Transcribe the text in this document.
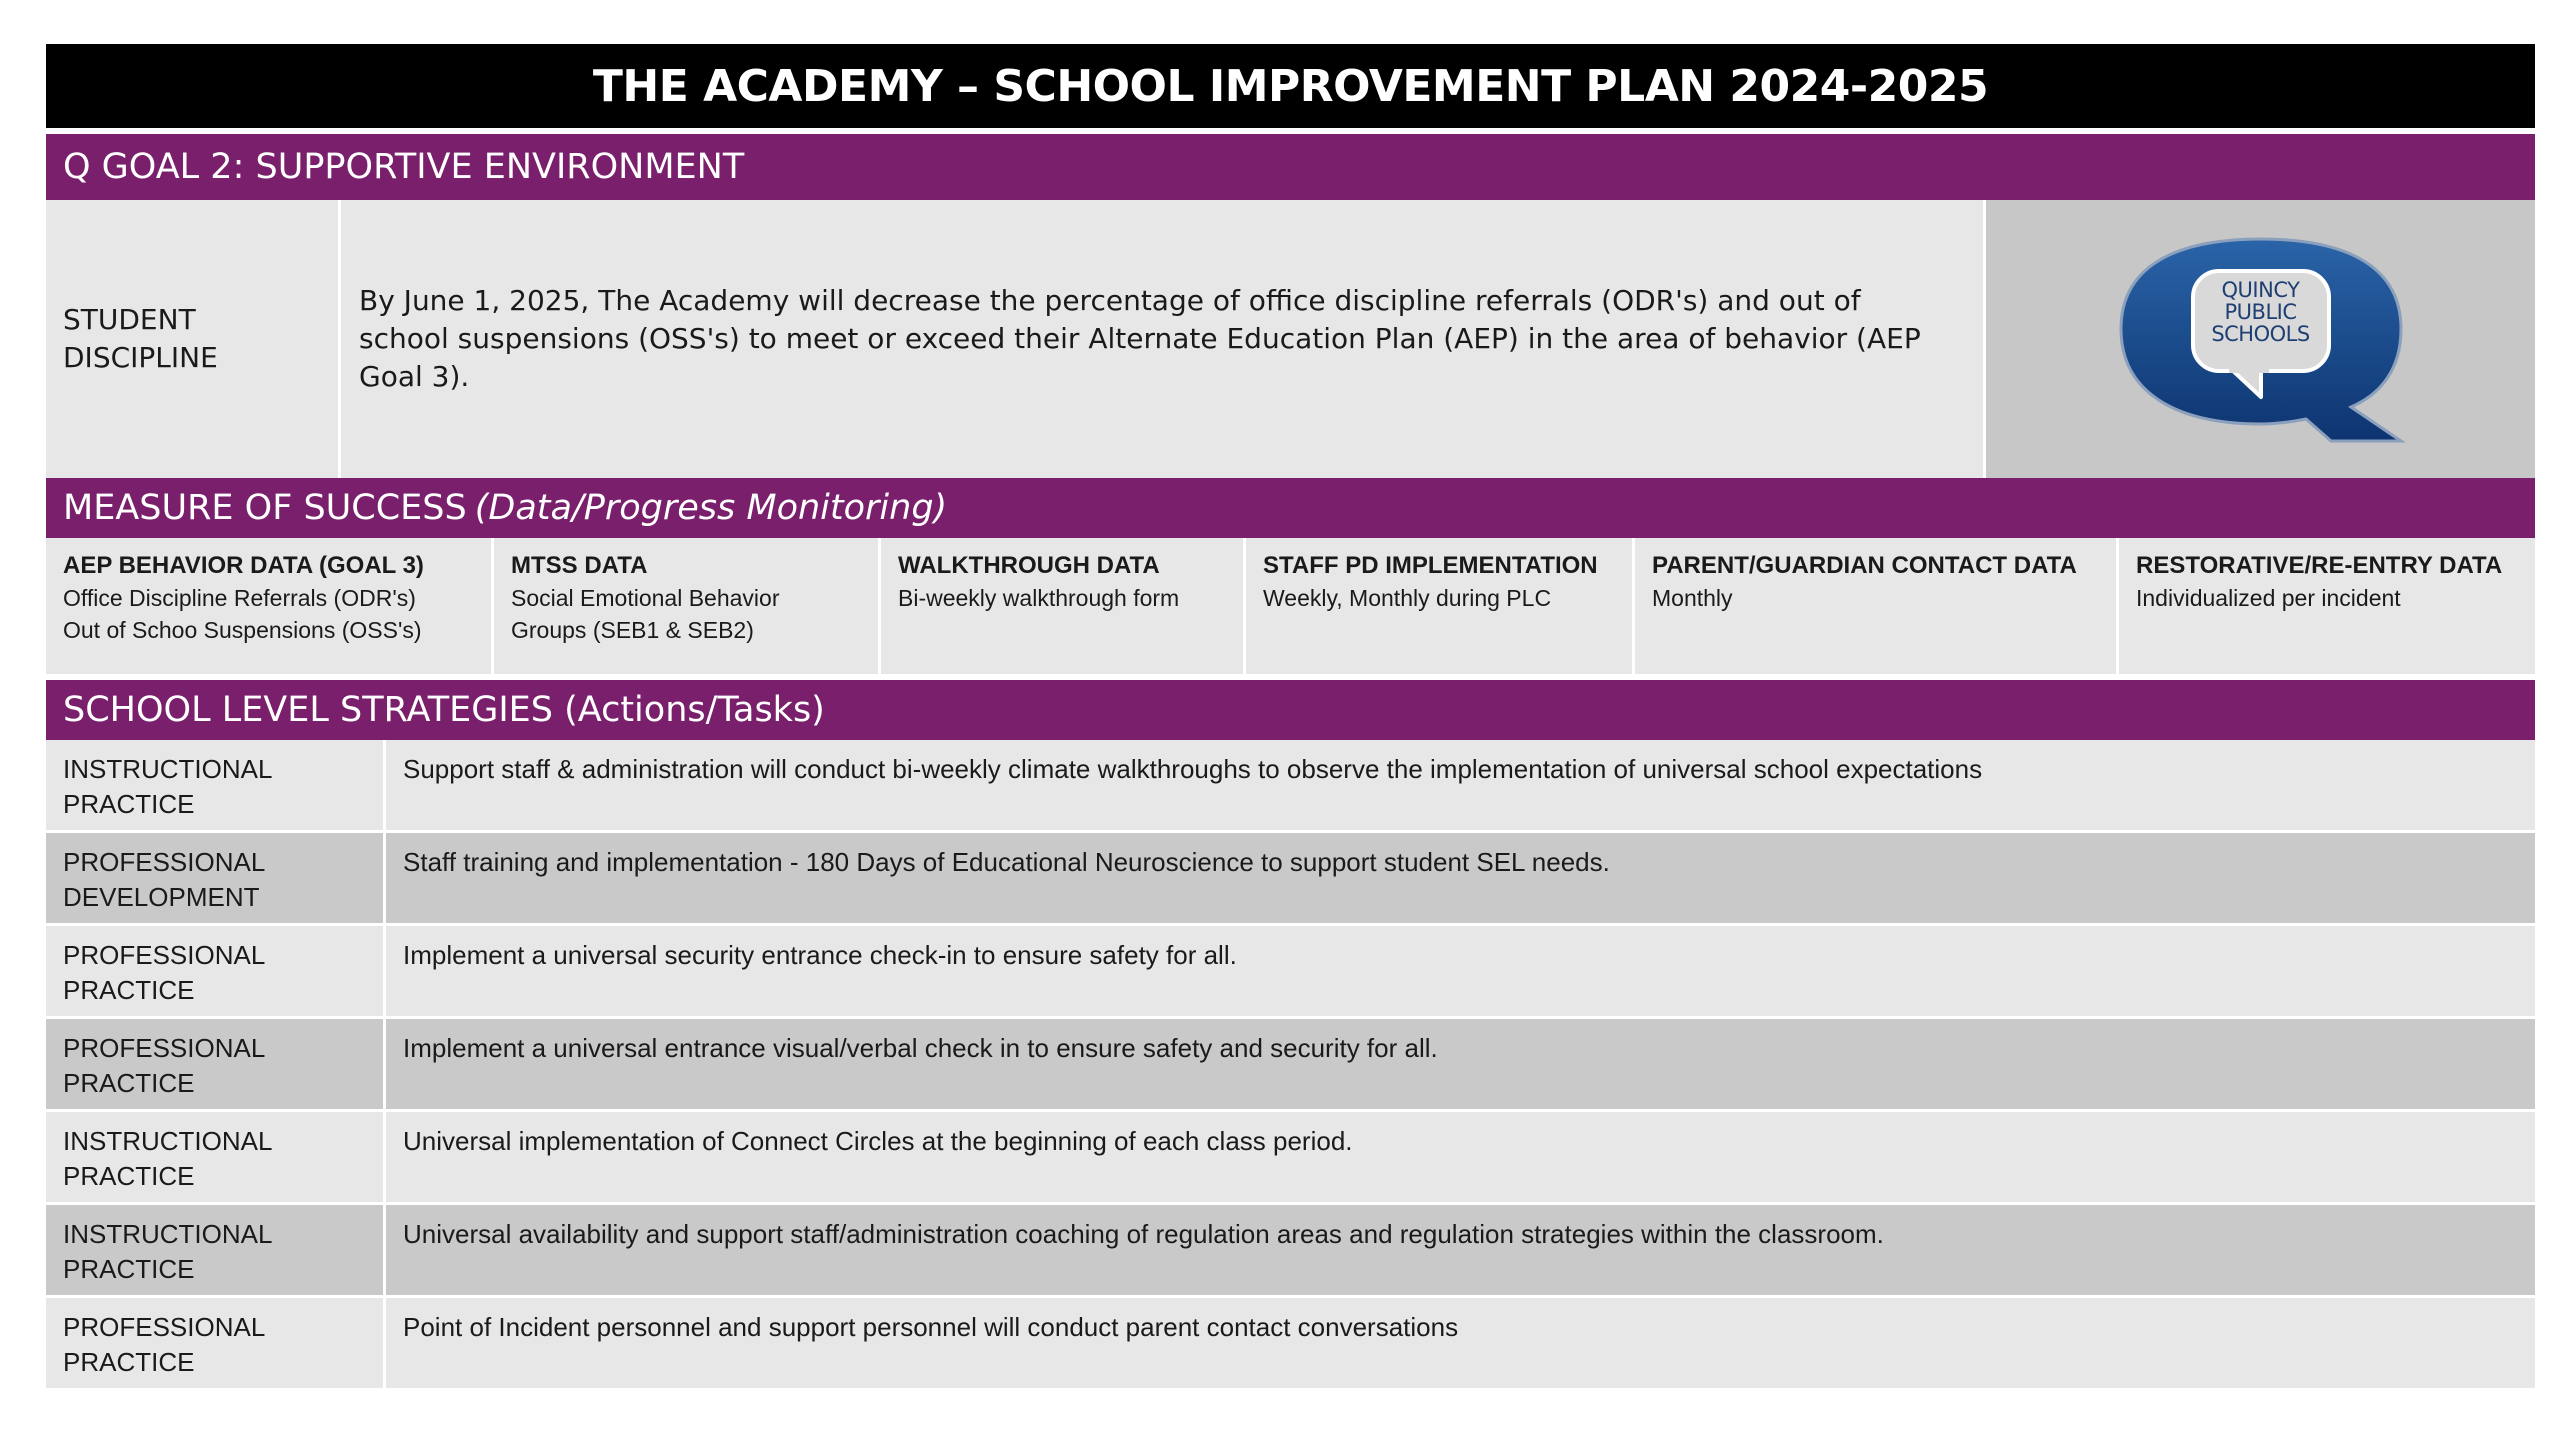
THE ACADEMY – SCHOOL IMPROVEMENT PLAN 2024-2025
Q GOAL 2: SUPPORTIVE ENVIRONMENT
STUDENT
DISCIPLINE
By June 1, 2025, The Academy will decrease the percentage of office discipline referrals (ODR's) and out of school suspensions (OSS's) to meet or exceed their Alternate Education Plan (AEP) in the area of behavior (AEP Goal 3).
QUINCY
PUBLIC
SCHOOLS
MEASURE OF SUCCESS (Data/Progress Monitoring)
AEP BEHAVIOR DATA (GOAL 3)
Office Discipline Referrals (ODR's)
Out of Schoo Suspensions (OSS's)
MTSS DATA
Social Emotional Behavior
Groups (SEB1 & SEB2)
WALKTHROUGH DATA
Bi-weekly walkthrough form
STAFF PD IMPLEMENTATION
Weekly, Monthly during PLC
PARENT/GUARDIAN CONTACT DATA
Monthly
RESTORATIVE/RE-ENTRY DATA
Individualized per incident
SCHOOL LEVEL STRATEGIES (Actions/Tasks)
INSTRUCTIONAL
PRACTICE
Support staff & administration will conduct bi-weekly climate walkthroughs to observe the implementation of universal school expectations
PROFESSIONAL
DEVELOPMENT
Staff training and implementation - 180 Days of Educational Neuroscience to support student SEL needs.
PROFESSIONAL
PRACTICE
Implement a universal security entrance check-in to ensure safety for all.
PROFESSIONAL
PRACTICE
Implement a universal entrance visual/verbal check in to ensure safety and security for all.
INSTRUCTIONAL
PRACTICE
Universal implementation of Connect Circles at the beginning of each class period.
INSTRUCTIONAL
PRACTICE
Universal availability and support staff/administration coaching of regulation areas and regulation strategies within the classroom.
PROFESSIONAL
PRACTICE
Point of Incident personnel and support personnel will conduct parent contact conversations
